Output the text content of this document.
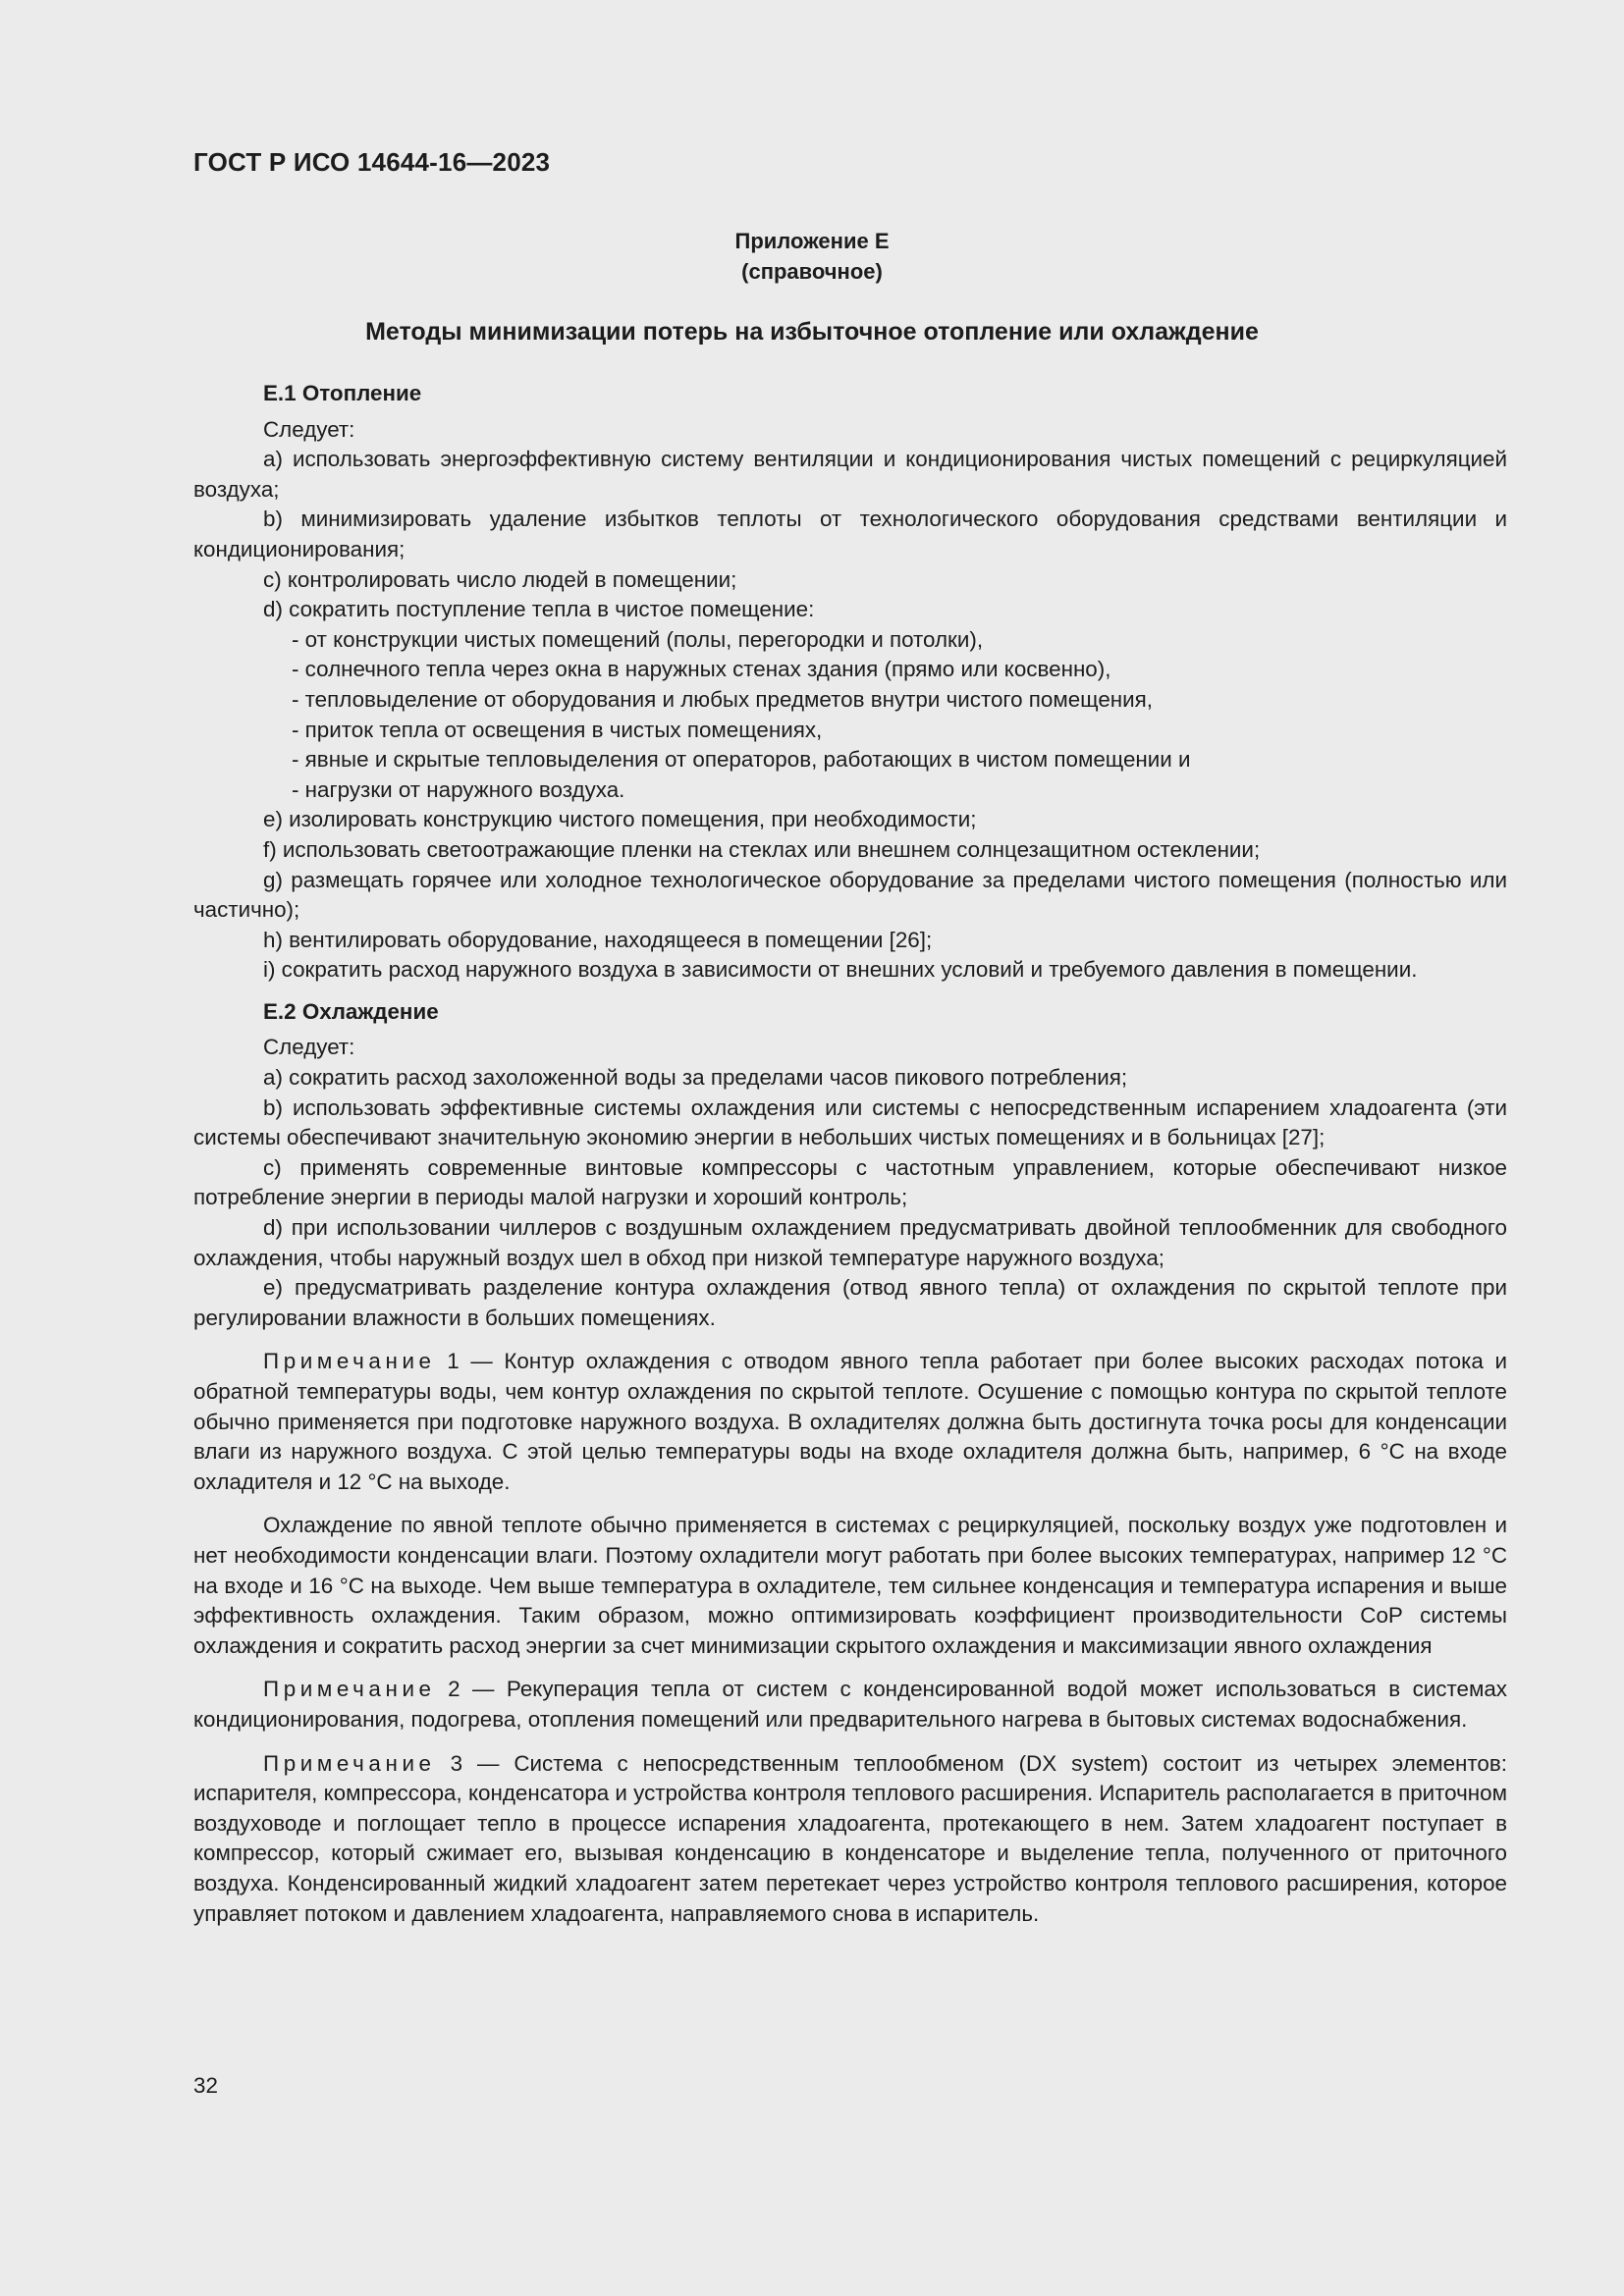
ГОСТ Р ИСО 14644-16—2023
Приложение Е
(справочное)
Методы минимизации потерь на избыточное отопление или охлаждение
Е.1 Отопление
Следует:
a) использовать энергоэффективную систему вентиляции и кондиционирования чистых помещений с рециркуляцией воздуха;
b) минимизировать удаление избытков теплоты от технологического оборудования средствами вентиляции и кондиционирования;
c) контролировать число людей в помещении;
d) сократить поступление тепла в чистое помещение:
- от конструкции чистых помещений (полы, перегородки и потолки),
- солнечного тепла через окна в наружных стенах здания (прямо или косвенно),
- тепловыделение от оборудования и любых предметов внутри чистого помещения,
- приток тепла от освещения в чистых помещениях,
- явные и скрытые тепловыделения от операторов, работающих в чистом помещении и
- нагрузки от наружного воздуха.
e) изолировать конструкцию чистого помещения, при необходимости;
f) использовать светоотражающие пленки на стеклах или внешнем солнцезащитном остеклении;
g) размещать горячее или холодное технологическое оборудование за пределами чистого помещения (полностью или частично);
h) вентилировать оборудование, находящееся в помещении [26];
i) сократить расход наружного воздуха в зависимости от внешних условий и требуемого давления в помещении.
Е.2 Охлаждение
Следует:
a) сократить расход захоложенной воды за пределами часов пикового потребления;
b) использовать эффективные системы охлаждения или системы с непосредственным испарением хладоагента (эти системы обеспечивают значительную экономию энергии в небольших чистых помещениях и в больницах [27];
c) применять современные винтовые компрессоры с частотным управлением, которые обеспечивают низкое потребление энергии в периоды малой нагрузки и хороший контроль;
d) при использовании чиллеров с воздушным охлаждением предусматривать двойной теплообменник для свободного охлаждения, чтобы наружный воздух шел в обход при низкой температуре наружного воздуха;
e) предусматривать разделение контура охлаждения (отвод явного тепла) от охлаждения по скрытой теплоте при регулировании влажности в больших помещениях.
Примечание 1 — Контур охлаждения с отводом явного тепла работает при более высоких расходах потока и обратной температуры воды, чем контур охлаждения по скрытой теплоте. Осушение с помощью контура по скрытой теплоте обычно применяется при подготовке наружного воздуха. В охладителях должна быть достигнута точка росы для конденсации влаги из наружного воздуха. С этой целью температуры воды на входе охладителя должна быть, например, 6 °C на входе охладителя и 12 °C на выходе.
Охлаждение по явной теплоте обычно применяется в системах с рециркуляцией, поскольку воздух уже подготовлен и нет необходимости конденсации влаги. Поэтому охладители могут работать при более высоких температурах, например 12 °C на входе и 16 °C на выходе. Чем выше температура в охладителе, тем сильнее конденсация и температура испарения и выше эффективность охлаждения. Таким образом, можно оптимизировать коэффициент производительности CoP системы охлаждения и сократить расход энергии за счет минимизации скрытого охлаждения и максимизации явного охлаждения
Примечание 2 — Рекуперация тепла от систем с конденсированной водой может использоваться в системах кондиционирования, подогрева, отопления помещений или предварительного нагрева в бытовых системах водоснабжения.
Примечание 3 — Система с непосредственным теплообменом (DX system) состоит из четырех элементов: испарителя, компрессора, конденсатора и устройства контроля теплового расширения. Испаритель располагается в приточном воздуховоде и поглощает тепло в процессе испарения хладоагента, протекающего в нем. Затем хладоагент поступает в компрессор, который сжимает его, вызывая конденсацию в конденсаторе и выделение тепла, полученного от приточного воздуха. Конденсированный жидкий хладоагент затем перетекает через устройство контроля теплового расширения, которое управляет потоком и давлением хладоагента, направляемого снова в испаритель.
32
